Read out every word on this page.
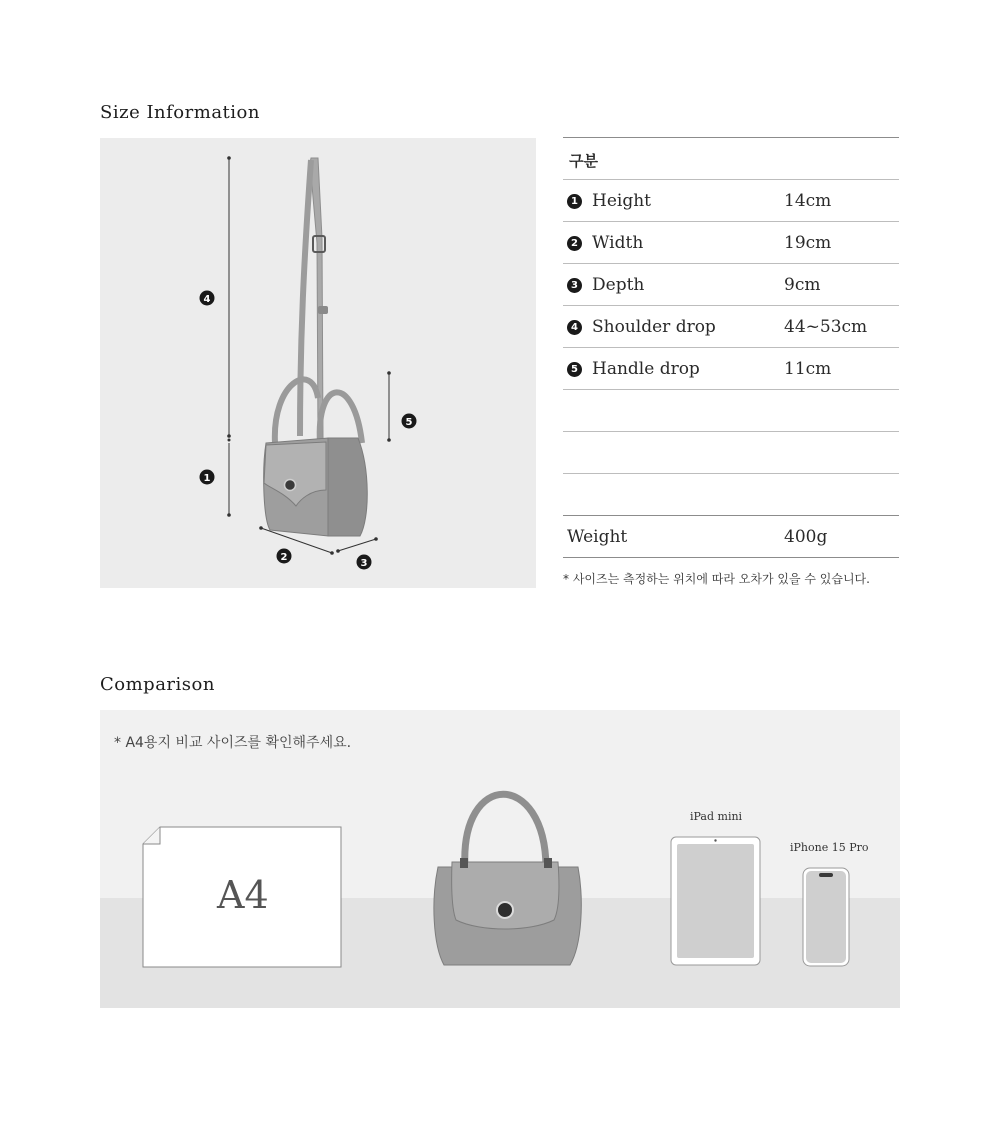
Size Information
4
1
5
2
3
구분
1 Height	14cm
2 Width	19cm
3 Depth	9cm
4 Shoulder drop	44~53cm
5 Handle drop	11cm
Weight	400g
* 사이즈는 측정하는 위치에 따라 오차가 있을 수 있습니다.
Comparison
* A4용지 비교 사이즈를 확인해주세요.
A4
iPad mini
iPhone 15 Pro
